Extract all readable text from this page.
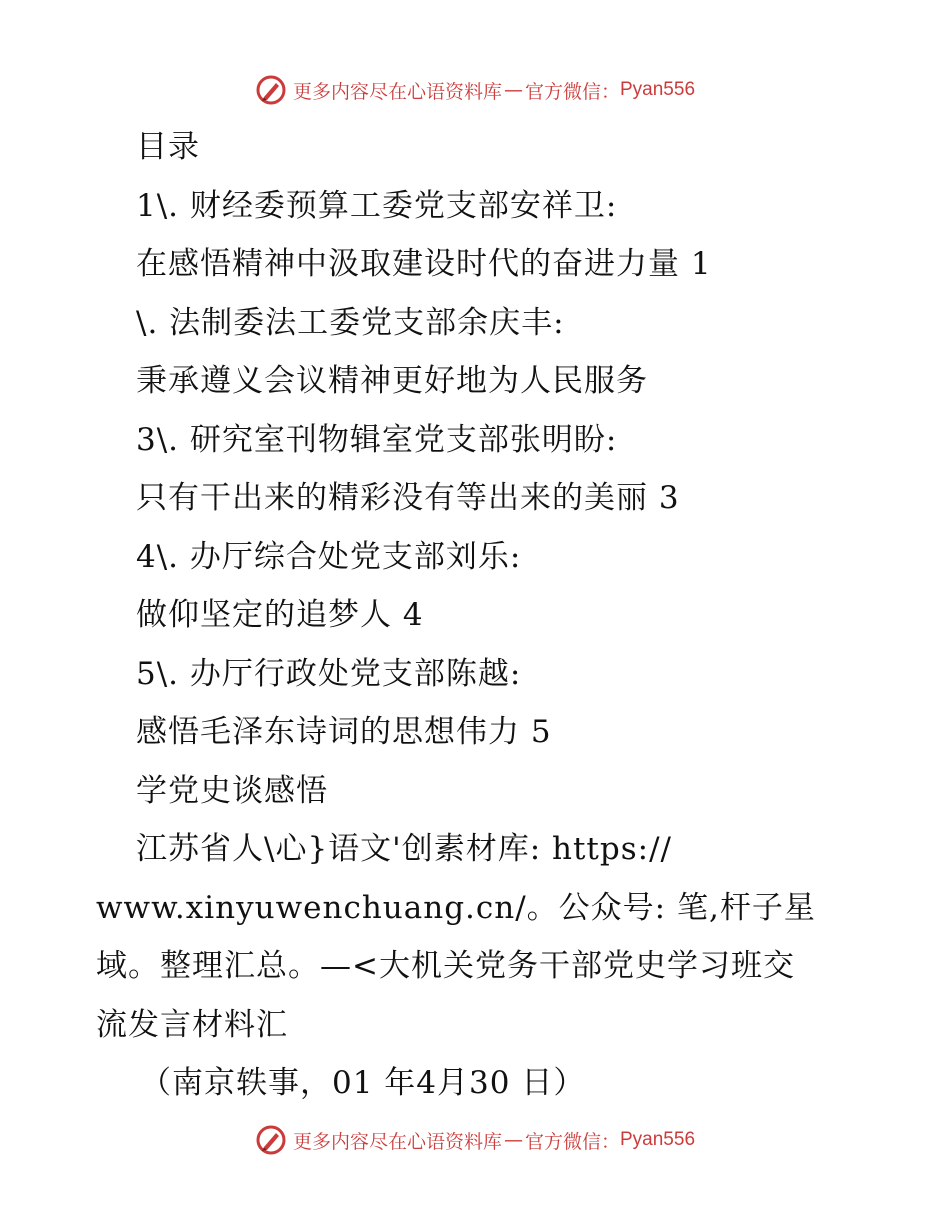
更多内容尽在心语资料库 — 官方微信： Pyan556
目录
1\. 财经委预算工委党支部安祥卫:
在感悟精神中汲取建设时代的奋进力量 1
\. 法制委法工委党支部余庆丰:
秉承遵义会议精神更好地为人民服务
3\. 研究室刊物辑室党支部张明盼:
只有干出来的精彩没有等出来的美丽 3
4\. 办厅综合处党支部刘乐:
做仰坚定的追梦人 4
5\. 办厅行政处党支部陈越:
感悟毛泽东诗词的思想伟力 5
学党史谈感悟
江苏省人\心}语文'创素材库: https://
www.xinyuwenchuang.cn/。公众号: 笔,杆子星
域。整理汇总。—<大机关党务干部党史学习班交
流发言材料汇
（南京轶事，01 年4月30 日）
更多内容尽在心语资料库 — 官方微信： Pyan556
